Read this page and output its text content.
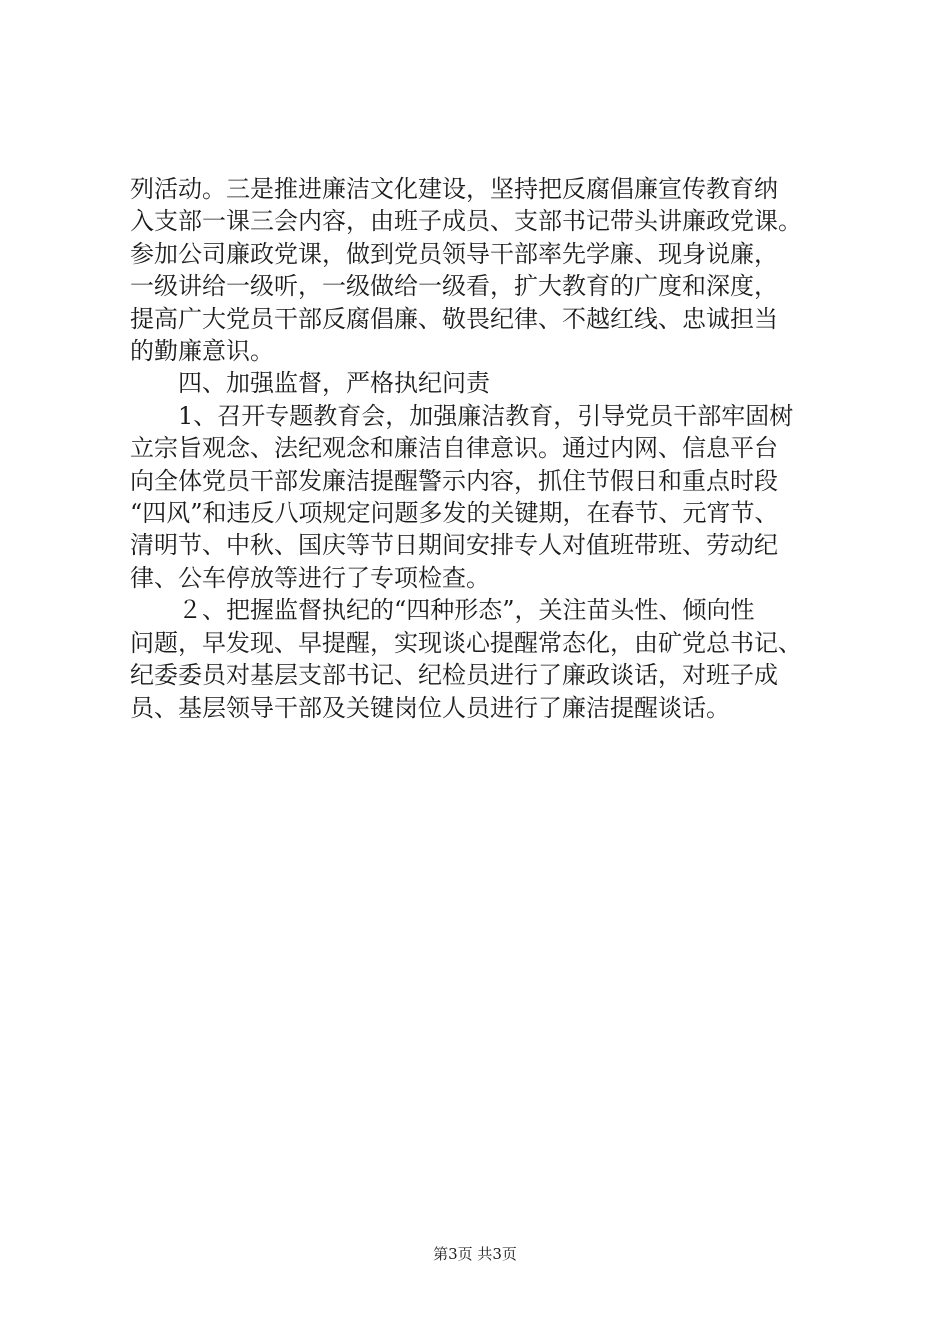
列活动。三是推进廉洁文化建设，坚持把反腐倡廉宣传教育纳
入支部一课三会内容，由班子成员、支部书记带头讲廉政党课。
参加公司廉政党课，做到党员领导干部率先学廉、现身说廉，
一级讲给一级听，一级做给一级看，扩大教育的广度和深度，
提高广大党员干部反腐倡廉、敬畏纪律、不越红线、忠诚担当
的勤廉意识。
四、加强监督，严格执纪问责
1、召开专题教育会，加强廉洁教育，引导党员干部牢固树
立宗旨观念、法纪观念和廉洁自律意识。通过内网、信息平台
向全体党员干部发廉洁提醒警示内容，抓住节假日和重点时段
“四风”和违反八项规定问题多发的关键期，在春节、元宵节、
清明节、中秋、国庆等节日期间安排专人对值班带班、劳动纪
律、公车停放等进行了专项检查。
２、把握监督执纪的“四种形态”，关注苗头性、倾向性
问题，早发现、早提醒，实现谈心提醒常态化，由矿党总书记、
纪委委员对基层支部书记、纪检员进行了廉政谈话，对班子成
员、基层领导干部及关键岗位人员进行了廉洁提醒谈话。
第3页 共3页
